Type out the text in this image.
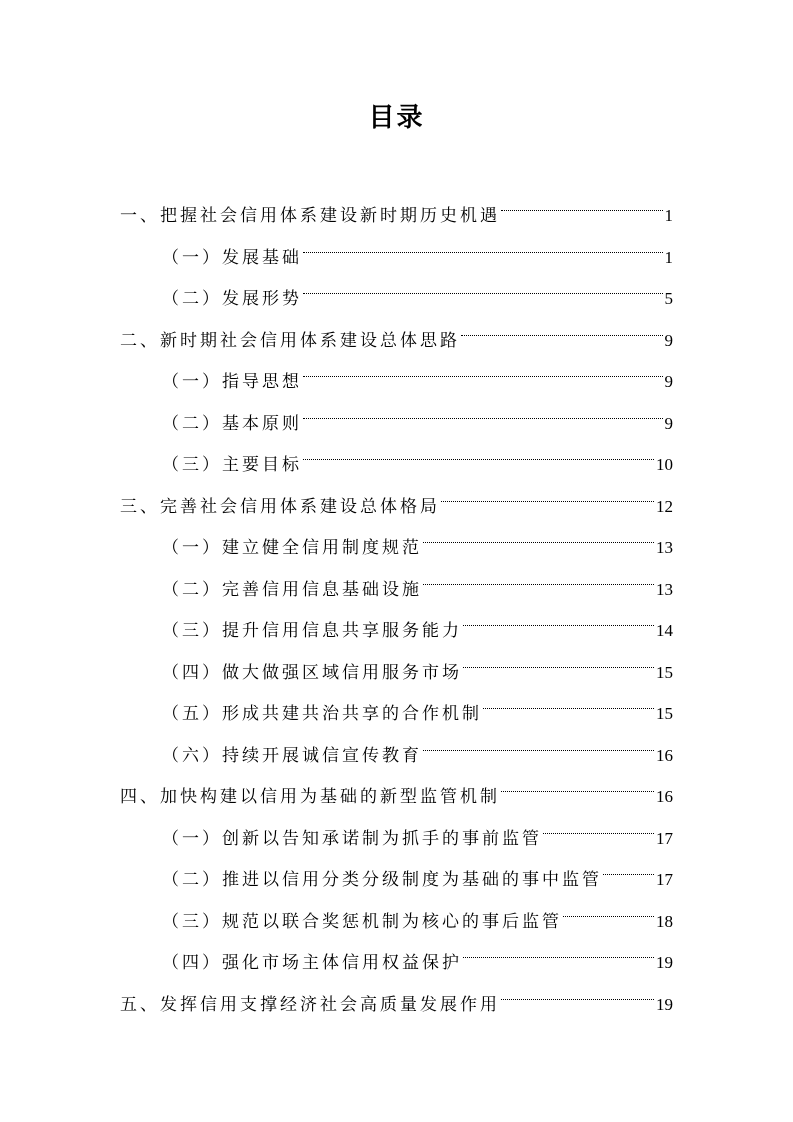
目录
一、把握社会信用体系建设新时期历史机遇	1
（一）发展基础	1
（二）发展形势	5
二、新时期社会信用体系建设总体思路	9
（一）指导思想	9
（二）基本原则	9
（三）主要目标	10
三、完善社会信用体系建设总体格局	12
（一）建立健全信用制度规范	13
（二）完善信用信息基础设施	13
（三）提升信用信息共享服务能力	14
（四）做大做强区域信用服务市场	15
（五）形成共建共治共享的合作机制	15
（六）持续开展诚信宣传教育	16
四、加快构建以信用为基础的新型监管机制	16
（一）创新以告知承诺制为抓手的事前监管	17
（二）推进以信用分类分级制度为基础的事中监管	17
（三）规范以联合奖惩机制为核心的事后监管	18
（四）强化市场主体信用权益保护	19
五、发挥信用支撑经济社会高质量发展作用	19
